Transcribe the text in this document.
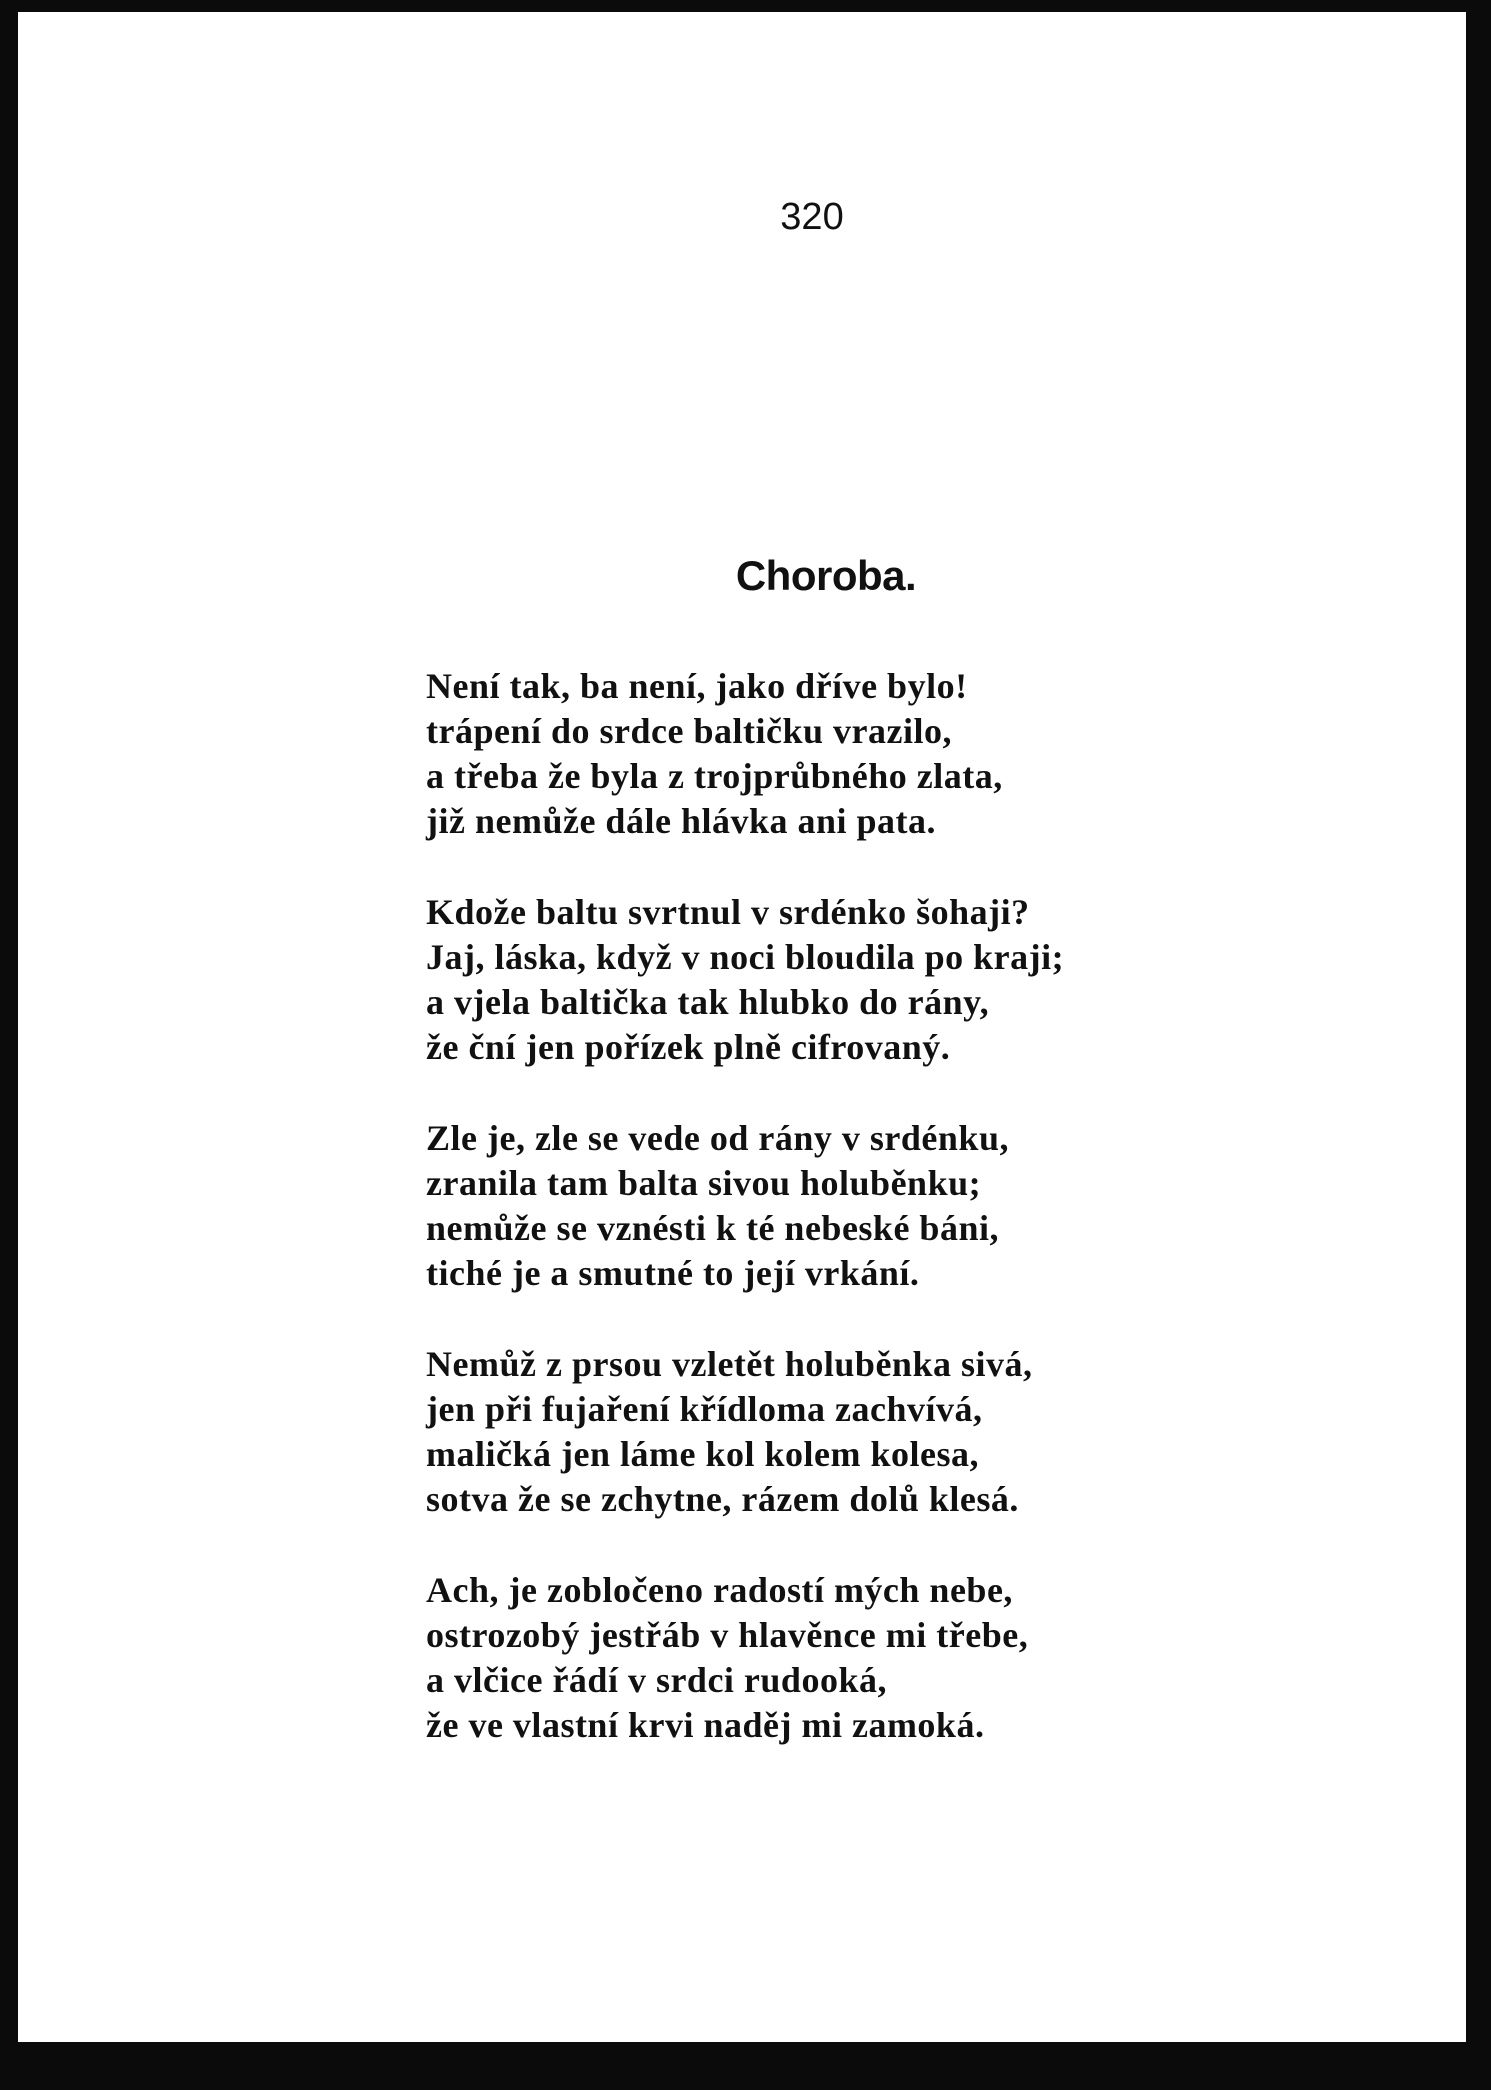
320
Choroba.
Není tak, ba není, jako dříve bylo!
trápení do srdce baltičku vrazilo,
a třeba že byla z trojprůbného zlata,
již nemůže dále hlávka ani pata.
Kdože baltu svrtnul v srdénko šohaji?
Jaj, láska, když v noci bloudila po kraji;
a vjela baltička tak hlubko do rány,
že ční jen pořízek plně cifrovaný.
Zle je, zle se vede od rány v srdénku,
zranila tam balta sivou holuběnku;
nemůže se vznésti k té nebeské báni,
tiché je a smutné to její vrkání.
Nemůž z prsou vzletět holuběnka sivá,
jen při fujaření křídloma zachvívá,
maličká jen láme kol kolem kolesa,
sotva že se zchytne, rázem dolů klesá.
Ach, je zobločeno radostí mých nebe,
ostrozobý jestřáb v hlavěnce mi třebe,
a vlčice řádí v srdci rudooká,
že ve vlastní krvi naděj mi zamoká.
